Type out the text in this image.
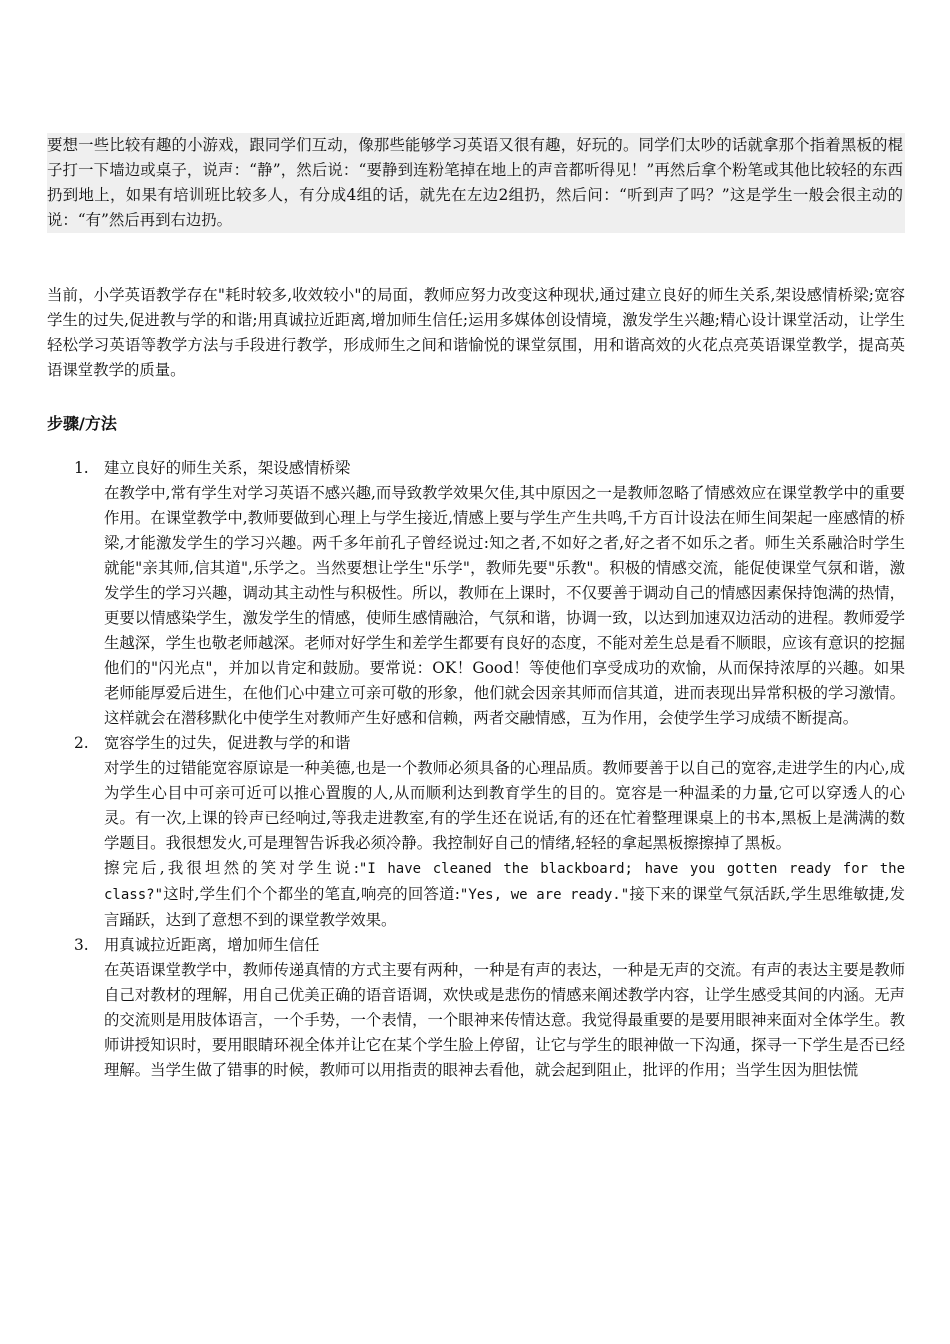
要想一些比较有趣的小游戏，跟同学们互动，像那些能够学习英语又很有趣，好玩的。同学们太吵的话就拿那个指着黑板的棍子打一下墙边或桌子，说声：“静”，然后说：“要静到连粉笔掉在地上的声音都听得见！”再然后拿个粉笔或其他比较轻的东西扔到地上，如果有培训班比较多人，有分成4组的话，就先在左边2组扔，然后问：“听到声了吗？”这是学生一般会很主动的说：“有”然后再到右边扔。

当前，小学英语教学存在"耗时较多,收效较小"的局面，教师应努力改变这种现状,通过建立良好的师生关系,架设感情桥梁;宽容学生的过失,促进教与学的和谐;用真诚拉近距离,增加师生信任;运用多媒体创设情境，激发学生兴趣;精心设计课堂活动，让学生轻松学习英语等教学方法与手段进行教学，形成师生之间和谐愉悦的课堂氛围，用和谐高效的火花点亮英语课堂教学，提高英语课堂教学的质量。

步骤/方法
1. 建立良好的师生关系，架设感情桥梁

在教学中,常有学生对学习英语不感兴趣,而导致教学效果欠佳,其中原因之一是教师忽略了情感效应在课堂教学中的重要作用。在课堂教学中,教师要做到心理上与学生接近,情感上要与学生产生共鸣,千方百计设法在师生间架起一座感情的桥梁,才能激发学生的学习兴趣。两千多年前孔子曾经说过:知之者,不如好之者,好之者不如乐之者。师生关系融洽时学生就能"亲其师,信其道",乐学之。当然要想让学生"乐学"，教师先要"乐教"。积极的情感交流，能促使课堂气氛和谐，激发学生的学习兴趣，调动其主动性与积极性。所以，教师在上课时，不仅要善于调动自己的情感因素保持饱满的热情，更要以情感染学生，激发学生的情感，使师生感情融洽，气氛和谐，协调一致，以达到加速双边活动的进程。教师爱学生越深，学生也敬老师越深。老师对好学生和差学生都要有良好的态度，不能对差生总是看不顺眼，应该有意识的挖掘他们的"闪光点"，并加以肯定和鼓励。要常说：OK！Good！等使他们享受成功的欢愉，从而保持浓厚的兴趣。如果老师能厚爱后进生，在他们心中建立可亲可敬的形象，他们就会因亲其师而信其道，进而表现出异常积极的学习激情。这样就会在潜移默化中使学生对教师产生好感和信赖，两者交融情感，互为作用，会使学生学习成绩不断提高。

2. 宽容学生的过失，促进教与学的和谐

对学生的过错能宽容原谅是一种美德,也是一个教师必须具备的心理品质。教师要善于以自己的宽容,走进学生的内心,成为学生心目中可亲可近可以推心置腹的人,从而顺利达到教育学生的目的。宽容是一种温柔的力量,它可以穿透人的心灵。有一次,上课的铃声已经响过,等我走进教室,有的学生还在说话,有的还在忙着整理课桌上的书本,黑板上是满满的数学题目。我很想发火,可是理智告诉我必须冷静。我控制好自己的情绪,轻轻的拿起黑板擦擦掉了黑板。

擦完后,我很坦然的笑对学生说:"I have cleaned the blackboard; have you gotten ready for the class?"这时,学生们个个都坐的笔直,响亮的回答道:"Yes, we are ready."接下来的课堂气氛活跃,学生思维敏捷,发言踊跃，达到了意想不到的课堂教学效果。

3. 用真诚拉近距离，增加师生信任

在英语课堂教学中，教师传递真情的方式主要有两种，一种是有声的表达，一种是无声的交流。有声的表达主要是教师自己对教材的理解，用自己优美正确的语音语调，欢快或是悲伤的情感来阐述教学内容，让学生感受其间的内涵。无声的交流则是用肢体语言，一个手势，一个表情，一个眼神来传情达意。我觉得最重要的是要用眼神来面对全体学生。教师讲授知识时，要用眼睛环视全体并让它在某个学生脸上停留，让它与学生的眼神做一下沟通，探寻一下学生是否已经理解。当学生做了错事的时候，教师可以用指责的眼神去看他，就会起到阻止，批评的作用；当学生因为胆怯慌
